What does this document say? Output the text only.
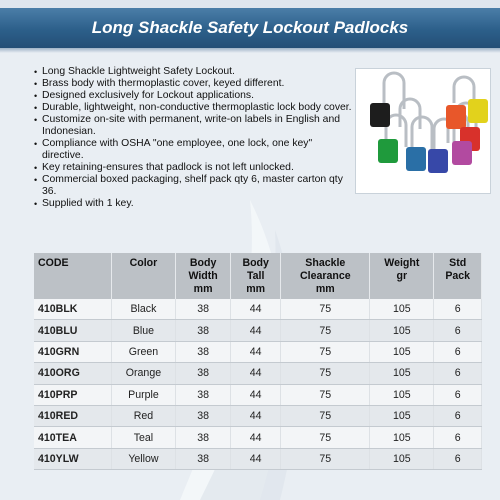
Long Shackle Safety Lockout Padlocks
• Long Shackle Lightweight Safety Lockout.
• Brass body with thermoplastic cover, keyed different.
• Designed exclusively for Lockout applications.
• Durable, lightweight, non-conductive thermoplastic lock body cover.
• Customize on-site with permanent, write-on labels in English and Indonesian.
• Compliance with OSHA "one employee, one lock, one key" directive.
• Key retaining-ensures that padlock is not left unlocked.
• Commercial boxed packaging, shelf pack qty 6, master carton qty 36.
• Supplied with 1 key.
CODE	Color	Body
Width
mm	Body
Tall
mm	Shackle
Clearance
mm	Weight
gr	Std
Pack
410BLK	Black	38	44	75	105	6
410BLU	Blue	38	44	75	105	6
410GRN	Green	38	44	75	105	6
410ORG	Orange	38	44	75	105	6
410PRP	Purple	38	44	75	105	6
410RED	Red	38	44	75	105	6
410TEA	Teal	38	44	75	105	6
410YLW	Yellow	38	44	75	105	6
